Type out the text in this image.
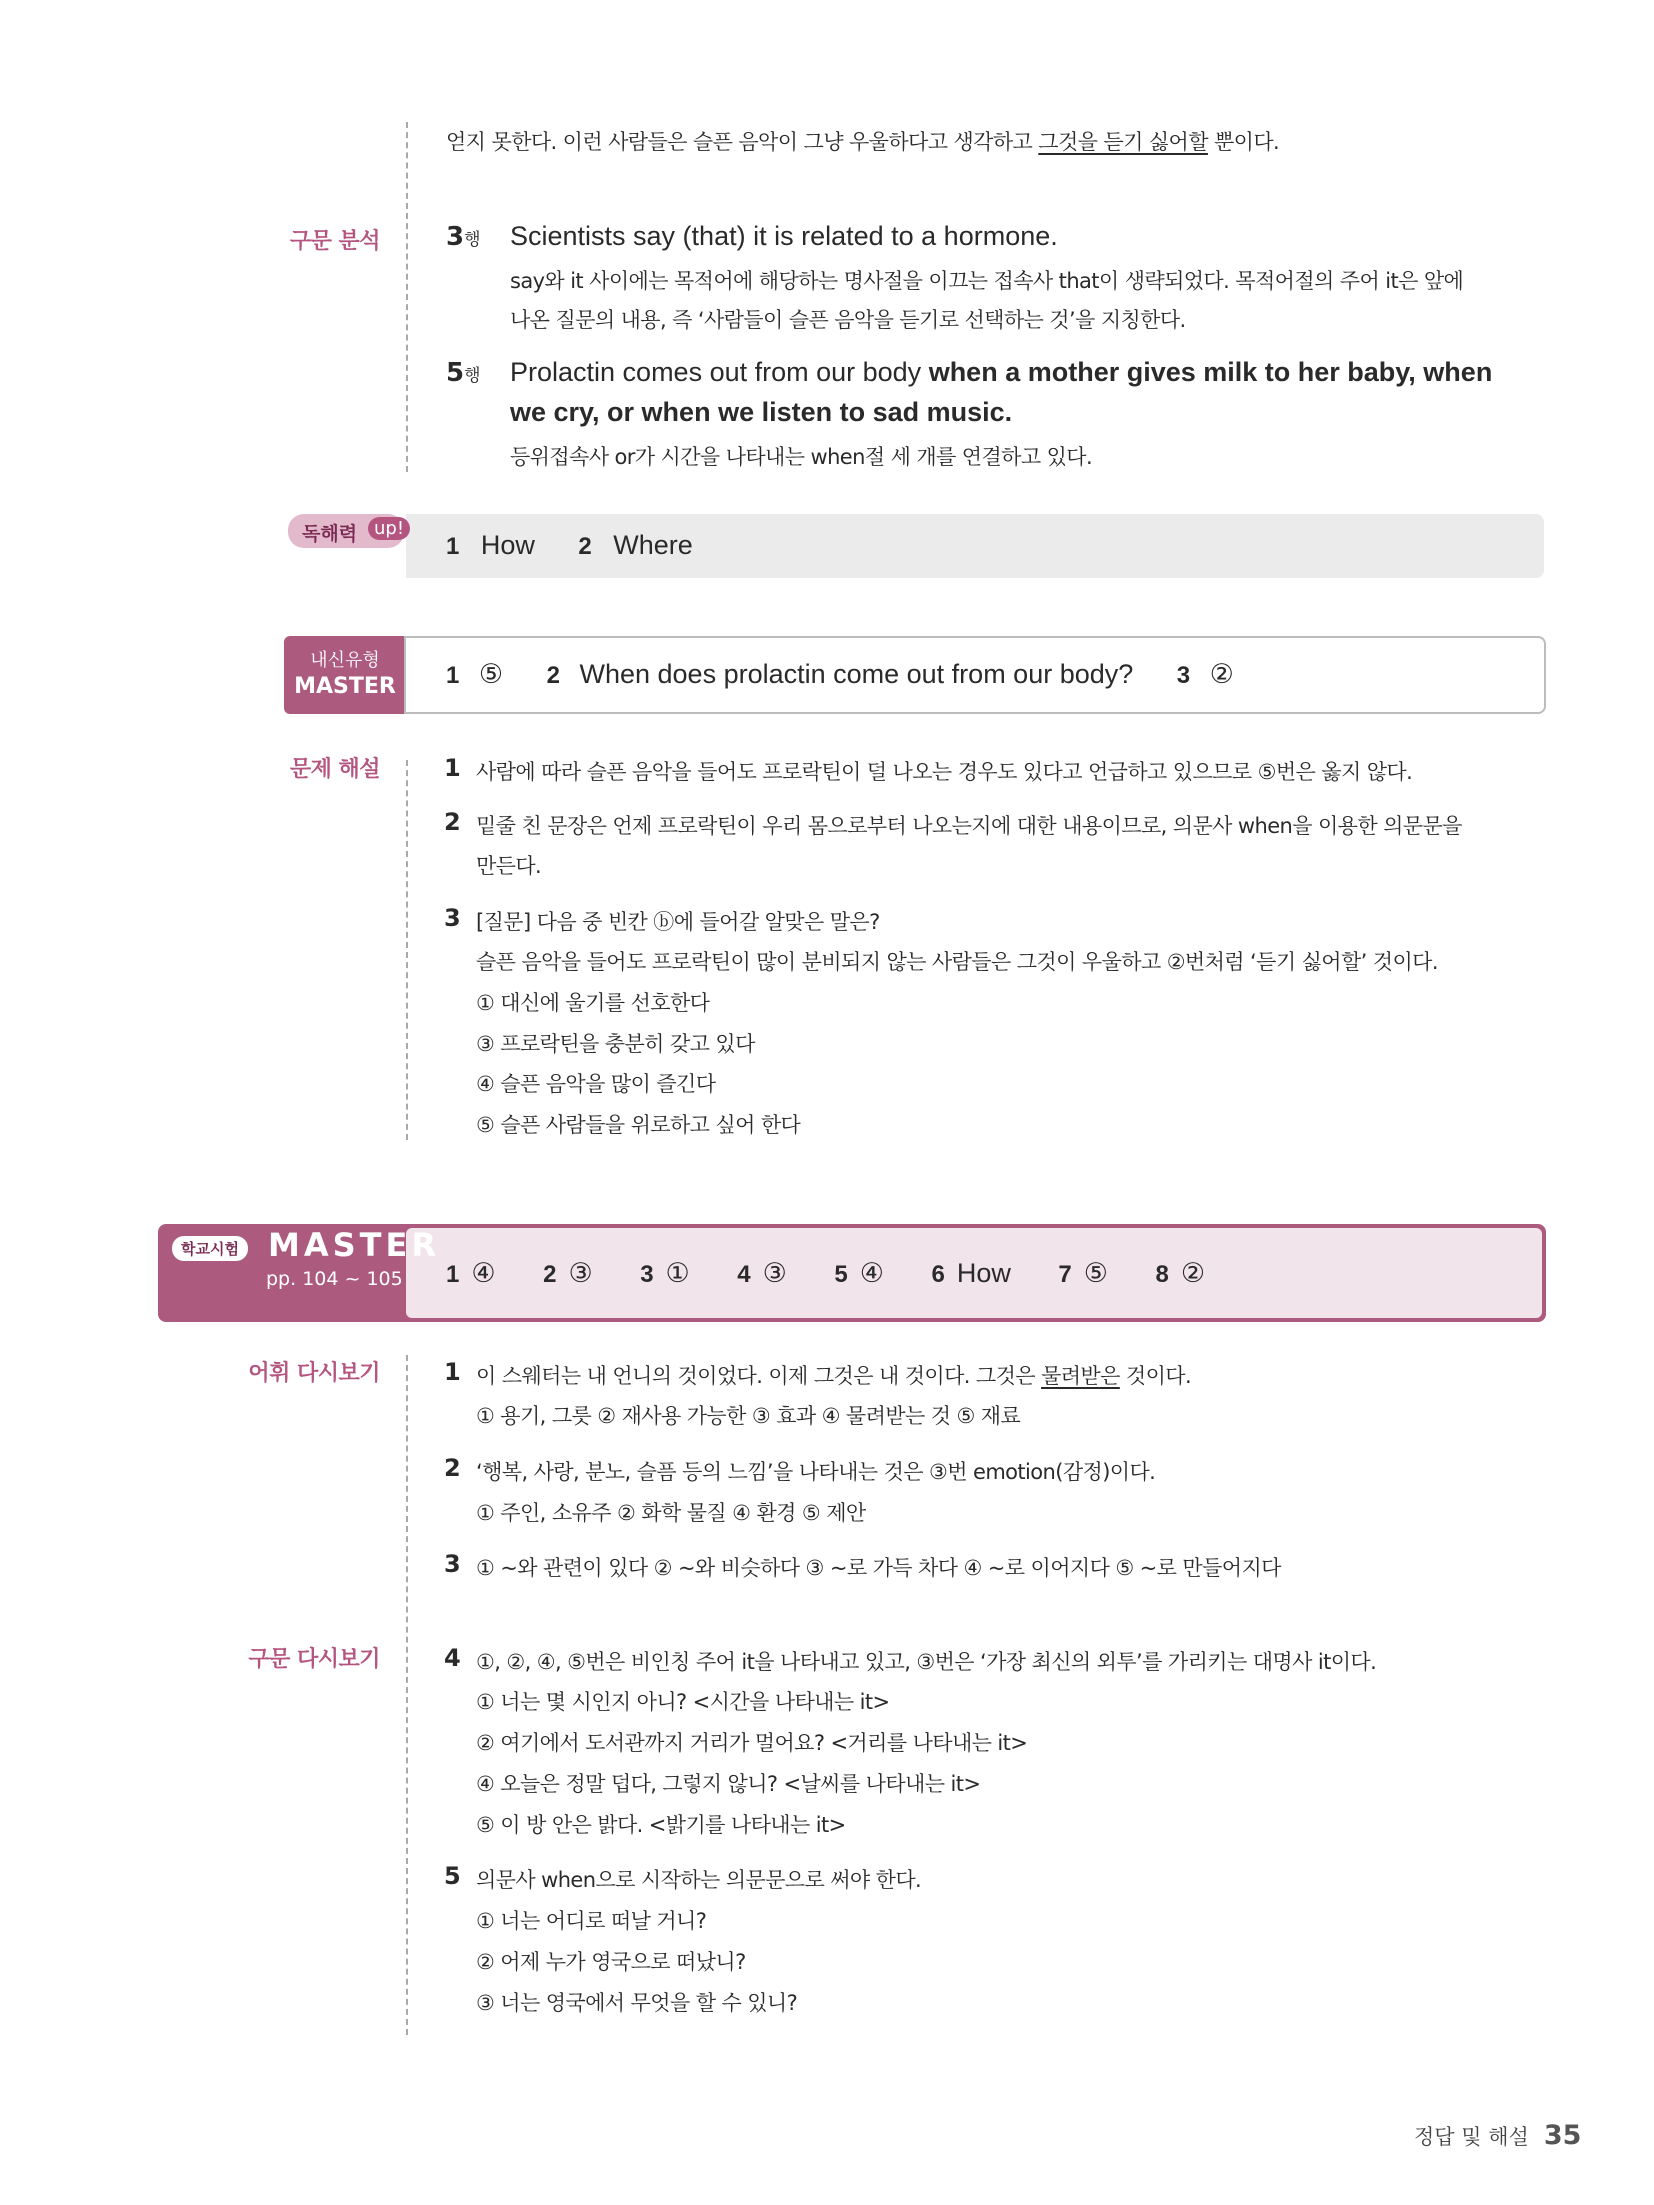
얻지 못한다. 이런 사람들은 슬픈 음악이 그냥 우울하다고 생각하고 그것을 듣기 싫어할 뿐이다.
구문 분석	3행 Scientists say (that) it is related to a hormone.
say와 it 사이에는 목적어에 해당하는 명사절을 이끄는 접속사 that이 생략되었다. 목적어절의 주어 it은 앞에
나온 질문의 내용, 즉 ‘사람들이 슬픈 음악을 듣기로 선택하는 것’을 지칭한다.
5행 Prolactin comes out from our body when a mother gives milk to her baby, when
we cry, or when we listen to sad music.
등위접속사 or가 시간을 나타내는 when절 세 개를 연결하고 있다.
독해력 up!
1 How 2 Where
내신유형
MASTER	1 ⑤ 2 When does prolactin come out from our body? 3 ②
문제 해설	1 사람에 따라 슬픈 음악을 들어도 프로락틴이 덜 나오는 경우도 있다고 언급하고 있으므로 ⑤번은 옳지 않다.
2 밑줄 친 문장은 언제 프로락틴이 우리 몸으로부터 나오는지에 대한 내용이므로, 의문사 when을 이용한 의문문을
만든다.
3 [질문] 다음 중 빈칸 ⓑ에 들어갈 알맞은 말은?
슬픈 음악을 들어도 프로락틴이 많이 분비되지 않는 사람들은 그것이 우울하고 ②번처럼 ‘듣기 싫어할’ 것이다.
① 대신에 울기를 선호한다
③ 프로락틴을 충분히 갖고 있다
④ 슬픈 음악을 많이 즐긴다
⑤ 슬픈 사람들을 위로하고 싶어 한다
학교시험 MASTER
pp. 104 ~ 105 1 ④ 2 ③ 3 ① 4 ③ 5 ④ 6 How 7 ⑤ 8 ②
어휘 다시보기	1 이 스웨터는 내 언니의 것이었다. 이제 그것은 내 것이다. 그것은 물려받은 것이다.
① 용기, 그릇 ② 재사용 가능한 ③ 효과 ④ 물려받는 것 ⑤ 재료
2 ‘행복, 사랑, 분노, 슬픔 등의 느낌’을 나타내는 것은 ③번 emotion(감정)이다.
① 주인, 소유주 ② 화학 물질 ④ 환경 ⑤ 제안
3 ① ~와 관련이 있다 ② ~와 비슷하다 ③ ~로 가득 차다 ④ ~로 이어지다 ⑤ ~로 만들어지다
구문 다시보기	4 ①, ②, ④, ⑤번은 비인칭 주어 it을 나타내고 있고, ③번은 ‘가장 최신의 외투’를 가리키는 대명사 it이다.
① 너는 몇 시인지 아니? <시간을 나타내는 it>
② 여기에서 도서관까지 거리가 멀어요? <거리를 나타내는 it>
④ 오늘은 정말 덥다, 그렇지 않니? <날씨를 나타내는 it>
⑤ 이 방 안은 밝다. <밝기를 나타내는 it>
5 의문사 when으로 시작하는 의문문으로 써야 한다.
① 너는 어디로 떠날 거니?
② 어제 누가 영국으로 떠났니?
③ 너는 영국에서 무엇을 할 수 있니?
정답 및 해설 35
